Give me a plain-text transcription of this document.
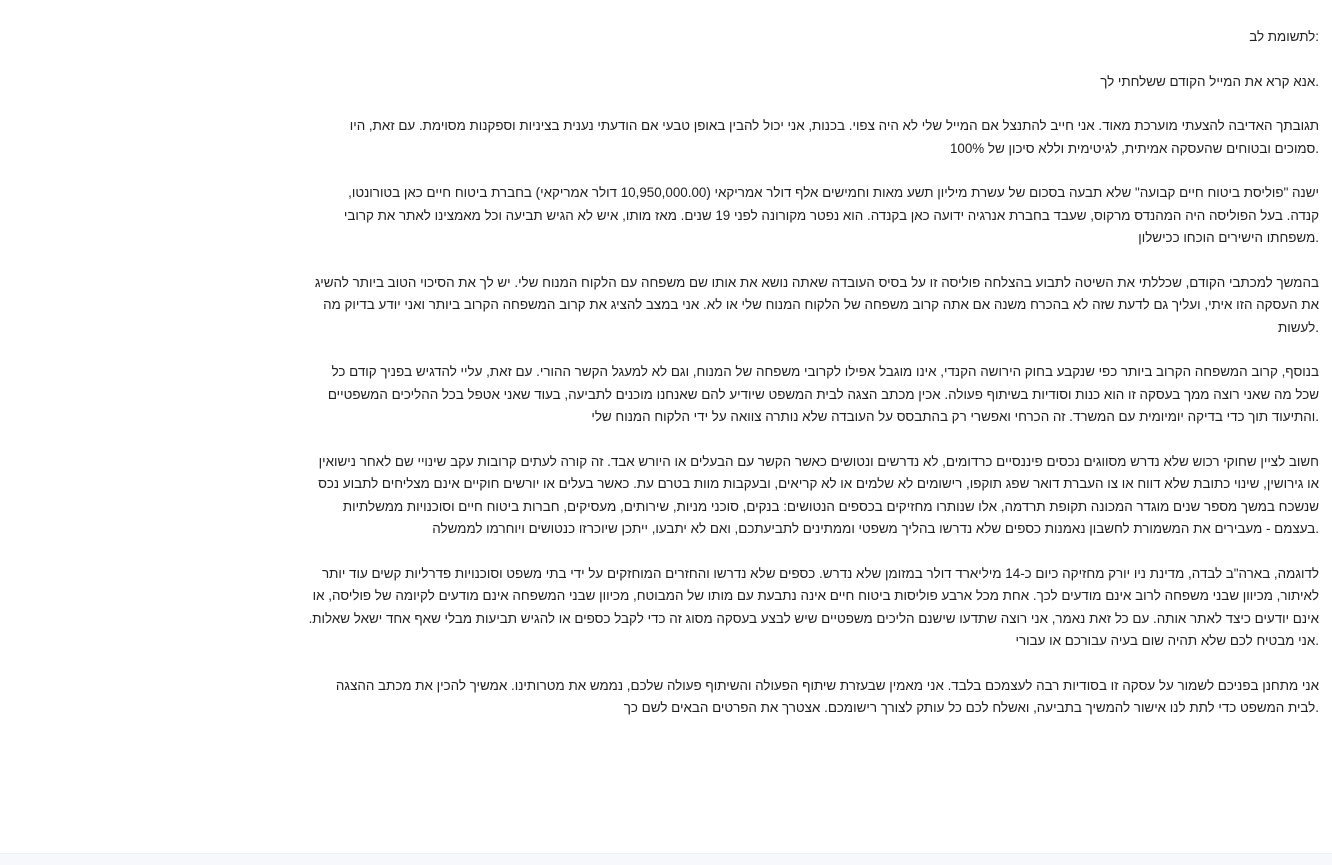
:לתשומת לב

.אנא קרא את המייל הקודם ששלחתי לך

תגובתך האדיבה להצעתי מוערכת מאוד. אני חייב להתנצל אם המייל שלי לא היה צפוי. בכנות, אני יכול להבין באופן טבעי אם הודעתי נענית בציניות וספקנות מסוימת. עם זאת, היו
.סמוכים ובטוחים שהעסקה אמיתית, לגיטימית וללא סיכון של 100%

ישנה "פוליסת ביטוח חיים קבועה" שלא תבעה בסכום של עשרת מיליון תשע מאות וחמישים אלף דולר אמריקאי (10,950,000.00 דולר אמריקאי) בחברת ביטוח חיים כאן בטורונטו,
קנדה. בעל הפוליסה היה המהנדס מרקוס, שעבד בחברת אנרגיה ידועה כאן בקנדה. הוא נפטר מקורונה לפני 19 שנים. מאז מותו, איש לא הגיש תביעה וכל מאמצינו לאתר את קרובי
.משפחתו הישירים הוכחו ככישלון

בהמשך למכתבי הקודם, שכללתי את השיטה לתבוע בהצלחה פוליסה זו על בסיס העובדה שאתה נושא את אותו שם משפחה עם הלקוח המנוח שלי. יש לך את הסיכוי הטוב ביותר להשיג
את העסקה הזו איתי, ועליך גם לדעת שזה לא בהכרח משנה אם אתה קרוב משפחה של הלקוח המנוח שלי או לא. אני במצב להציג את קרוב המשפחה הקרוב ביותר ואני יודע בדיוק מה
.לעשות

בנוסף, קרוב המשפחה הקרוב ביותר כפי שנקבע בחוק הירושה הקנדי, אינו מוגבל אפילו לקרובי משפחה של המנוח, וגם לא למעגל הקשר ההורי. עם זאת, עליי להדגיש בפניך קודם כל
שכל מה שאני רוצה ממך בעסקה זו הוא כנות וסודיות בשיתוף פעולה. אכין מכתב הצגה לבית המשפט שיודיע להם שאנחנו מוכנים לתביעה, בעוד שאני אטפל בכל ההליכים המשפטיים
.והתיעוד תוך כדי בדיקה יומיומית עם המשרד. זה הכרחי ואפשרי רק בהתבסס על העובדה שלא נותרה צוואה על ידי הלקוח המנוח שלי

חשוב לציין שחוקי רכוש שלא נדרש מסווגים נכסים פיננסיים כרדומים, לא נדרשים ונטושים כאשר הקשר עם הבעלים או היורש אבד. זה קורה לעתים קרובות עקב שינויי שם לאחר נישואין
או גירושין, שינוי כתובת שלא דווח או צו העברת דואר שפג תוקפו, רישומים לא שלמים או לא קריאים, ובעקבות מוות בטרם עת. כאשר בעלים או יורשים חוקיים אינם מצליחים לתבוע נכס
שנשכח במשך מספר שנים מוגדר המכונה תקופת תרדמה, אלו שנותרו מחזיקים בכספים הנטושים: בנקים, סוכני מניות, שירותים, מעסיקים, חברות ביטוח חיים וסוכנויות ממשלתיות
.בעצמם - מעבירים את המשמורת לחשבון נאמנות כספים שלא נדרשו בהליך משפטי וממתינים לתביעתכם, ואם לא יתבעו, ייתכן שיוכרזו כנטושים ויוחרמו לממשלה

לדוגמה, בארה"ב לבדה, מדינת ניו יורק מחזיקה כיום כ-14 מיליארד דולר במזומן שלא נדרש. כספים שלא נדרשו והחזרים המוחזקים על ידי בתי משפט וסוכנויות פדרליות קשים עוד יותר
לאיתור, מכיוון שבני משפחה לרוב אינם מודעים לכך. אחת מכל ארבע פוליסות ביטוח חיים אינה נתבעת עם מותו של המבוטח, מכיוון שבני המשפחה אינם מודעים לקיומה של פוליסה, או
אינם יודעים כיצד לאתר אותה. עם כל זאת נאמר, אני רוצה שתדעו שישנם הליכים משפטיים שיש לבצע בעסקה מסוג זה כדי לקבל כספים או להגיש תביעות מבלי שאף אחד ישאל שאלות.
.אני מבטיח לכם שלא תהיה שום בעיה עבורכם או עבורי

אני מתחנן בפניכם לשמור על עסקה זו בסודיות רבה לעצמכם בלבד. אני מאמין שבעזרת שיתוף הפעולה והשיתוף פעולה שלכם, נממש את מטרותינו. אמשיך להכין את מכתב ההצגה
.לבית המשפט כדי לתת לנו אישור להמשיך בתביעה, ואשלח לכם כל עותק לצורך רישומכם. אצטרך את הפרטים הבאים לשם כך
